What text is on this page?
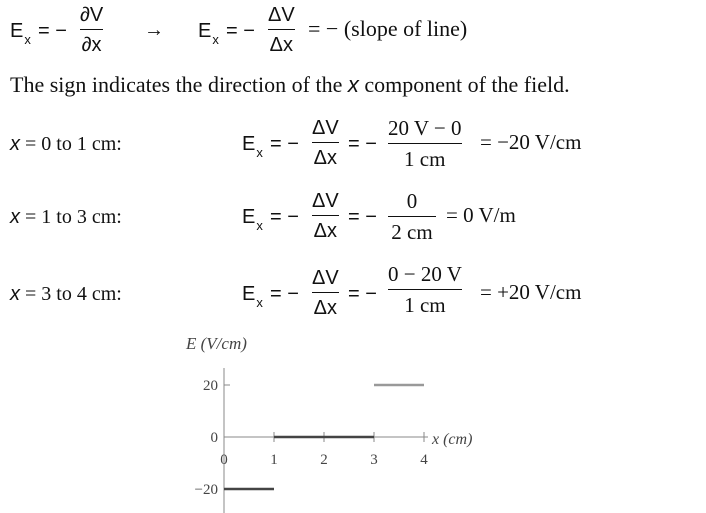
$E_x$ = −
∂V
∂x
→ $E_x$ = −
ΔV
Δx
= − (slope of line)
The sign indicates the direction of the x component of the field.
x = 0 to 1 cm:	$E_x$ = −
ΔV
Δx
= −
20 V − 0
1 cm
= −20 V/cm
x = 1 to 3 cm:	$E_x$ = −
ΔV
Δx
= −
0
2 cm
= 0 V/m
x = 3 to 4 cm:	$E_x$ = −
ΔV
Δx
= −
0 − 20 V
1 cm
= +20 V/cm
20
0
−20
0	1	2	3	4
E (V/cm)
x (cm)
